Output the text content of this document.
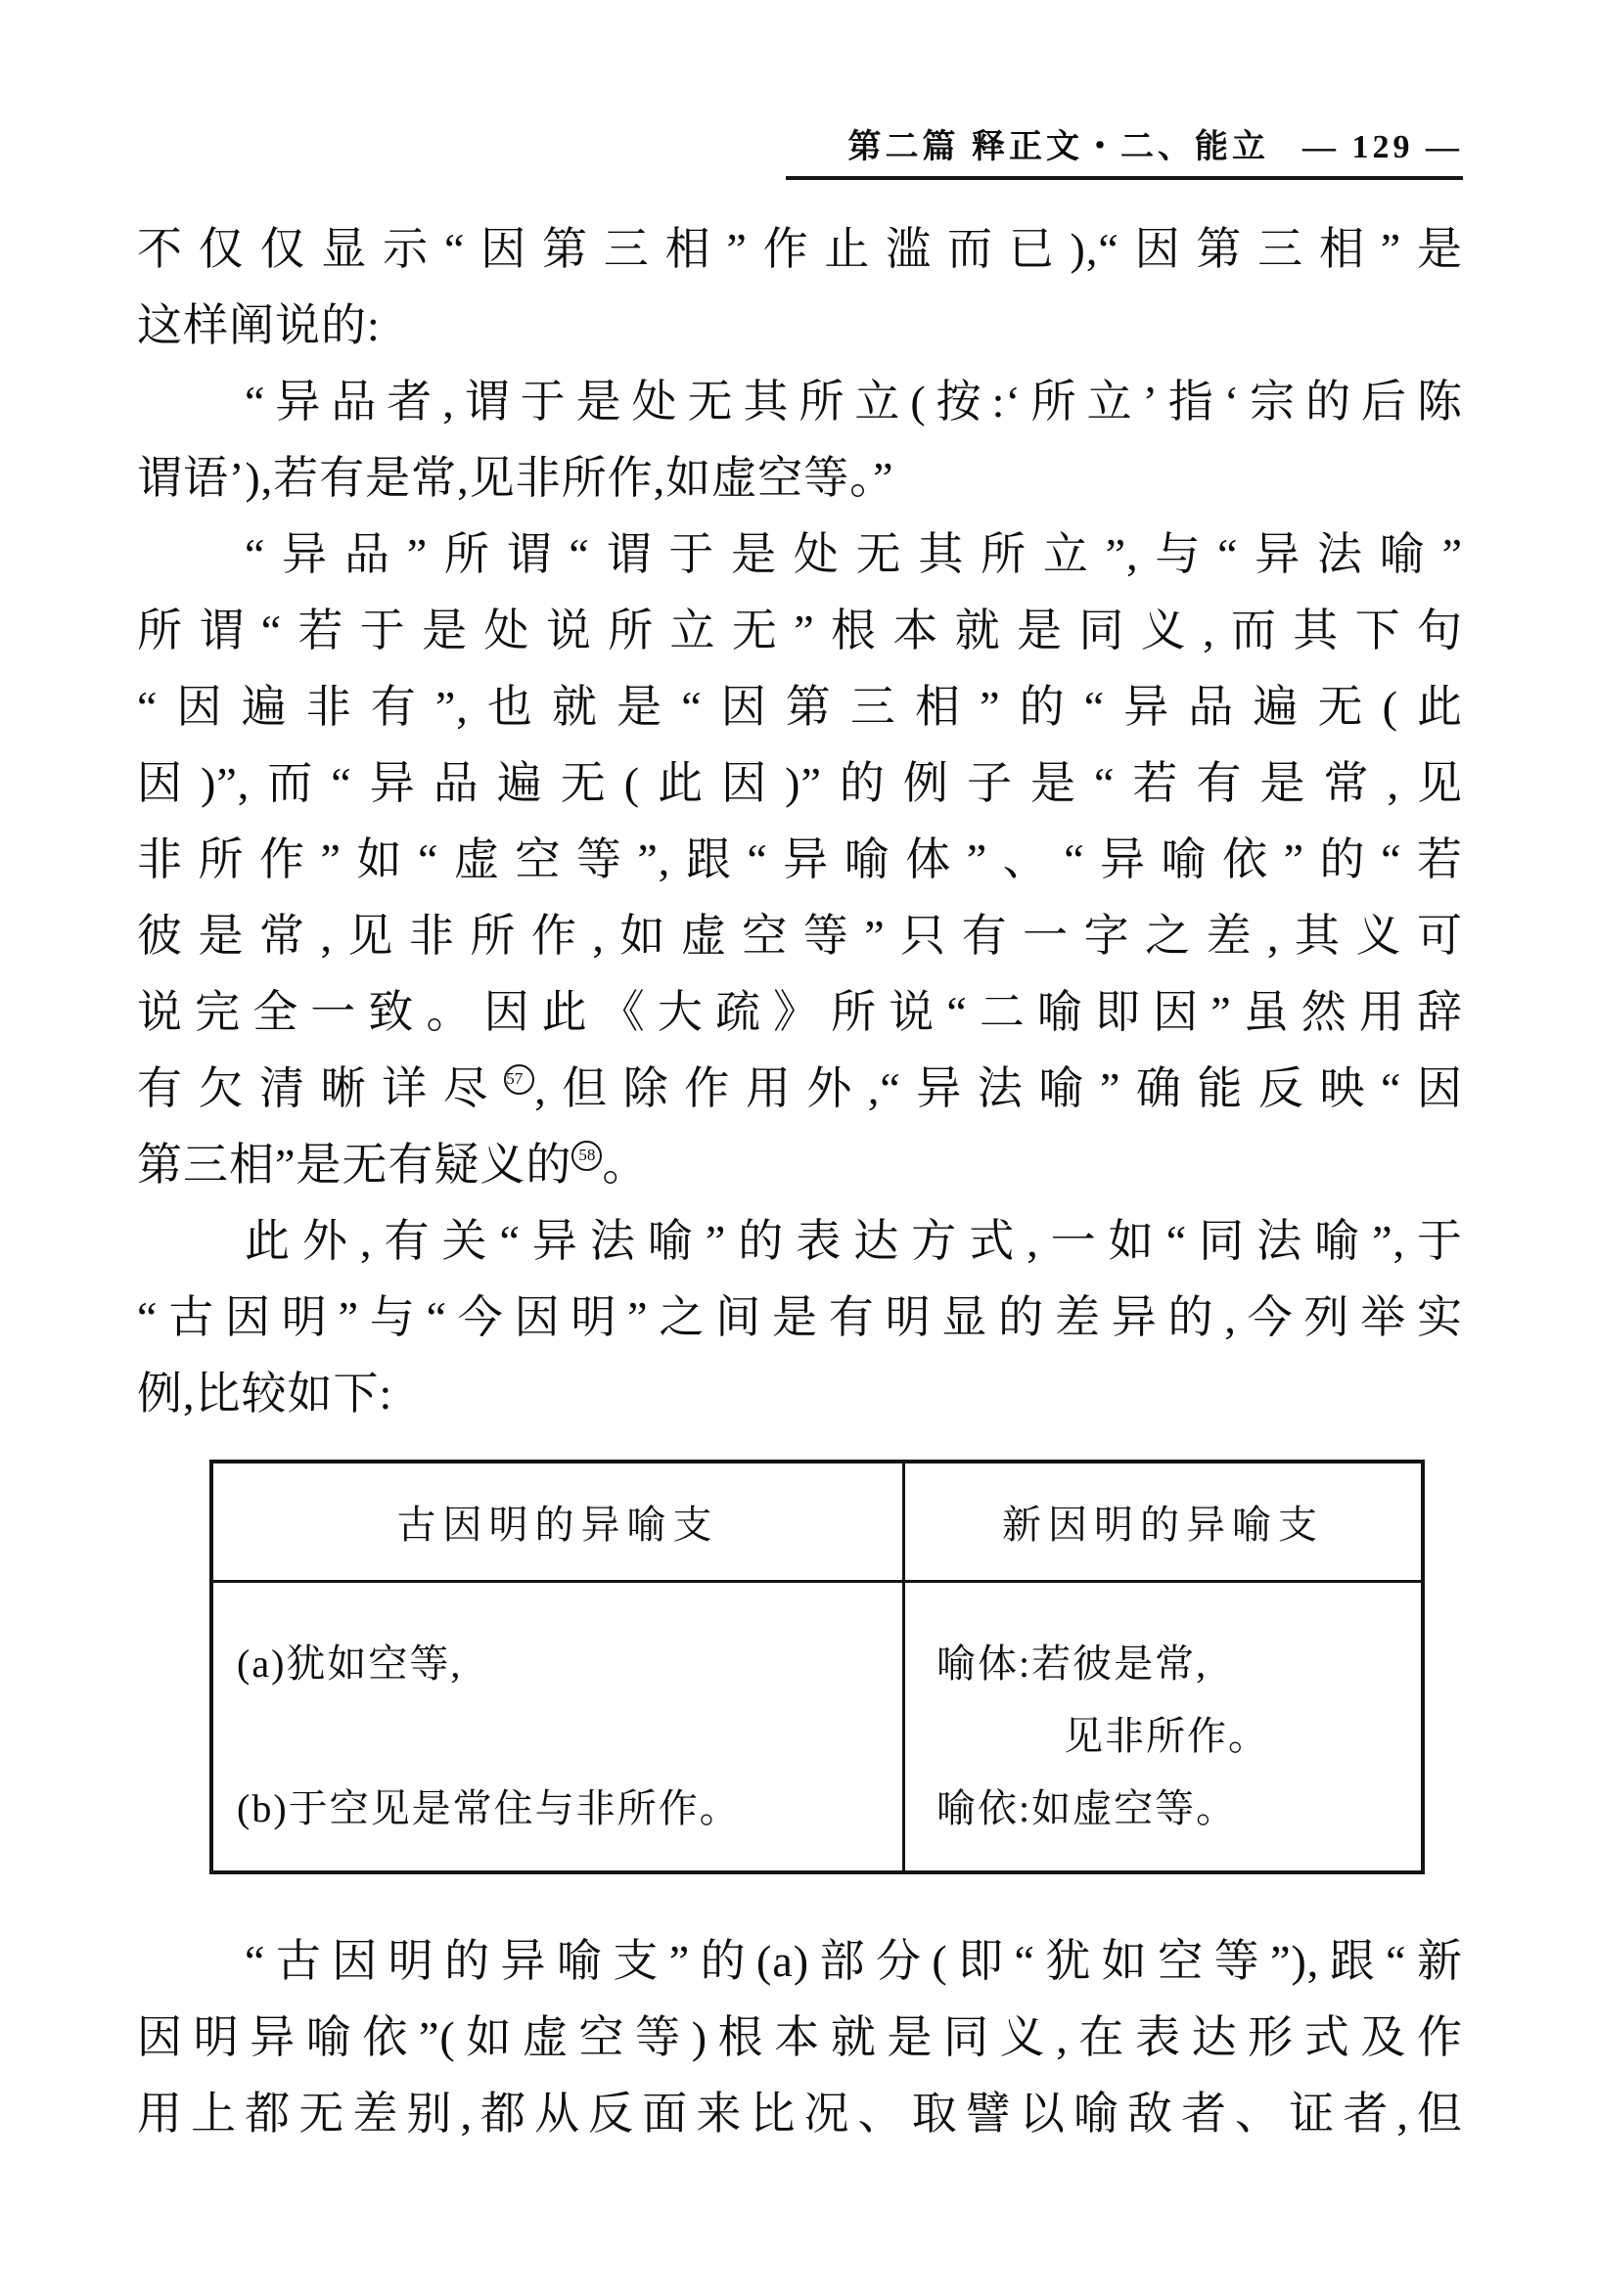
第二篇 释正文・二、能立 — 129 —
不仅仅显示“因第三相”作止滥而已),“因第三相”是
这样阐说的:
“异品者,谓于是处无其所立(按:‘所立’指‘宗的后陈
谓语’),若有是常,见非所作,如虚空等。”
“异品”所谓“谓于是处无其所立”,与“异法喻”
所谓“若于是处说所立无”根本就是同义,而其下句
“因遍非有”,也就是“因第三相”的“异品遍无(此
因)”,而“异品遍无(此因)”的例子是“若有是常,见
非所作”如“虚空等”,跟“异喻体”、“异喻依”的“若
彼是常,见非所作,如虚空等”只有一字之差,其义可
说完全一致。因此《大疏》所说“二喻即因”虽然用辞
有欠清晰详尽 $^{57}$ ,但除作用外,“异法喻”确能反映“因
第三相”是无有疑义的 $^{58}$ 。
此外,有关“异法喻”的表达方式,一如“同法喻”,于
“古因明”与“今因明”之间是有明显的差异的,今列举实
例,比较如下:
古因明的异喻支	新因明的异喻支
(a)犹如空等,
(b)于空见是常住与非所作。
喻体:若彼是常,
见非所作。
喻依:如虚空等。
“古因明的异喻支”的(a)部分(即“犹如空等”),跟“新
因明异喻依”(如虚空等)根本就是同义,在表达形式及作
用上都无差别,都从反面来比况、取譬以喻敌者、证者,但
